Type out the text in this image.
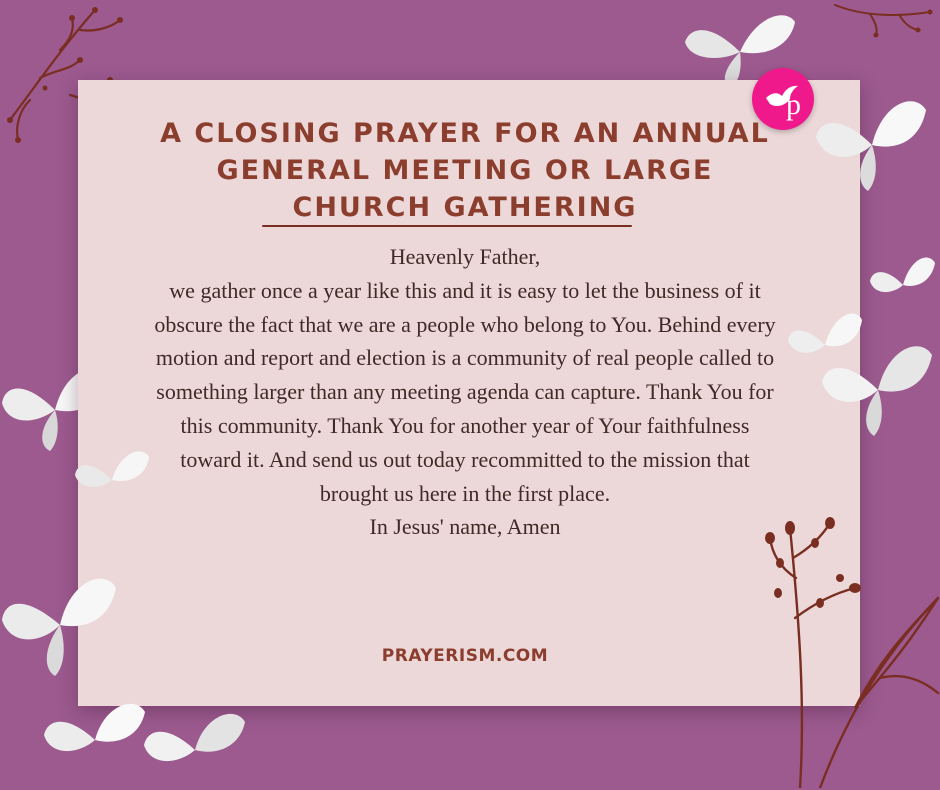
p
A CLOSING PRAYER FOR AN ANNUAL GENERAL MEETING OR LARGE CHURCH GATHERING

Heavenly Father,

we gather once a year like this and it is easy to let the business of it obscure the fact that we are a people who belong to You. Behind every motion and report and election is a community of real people called to something larger than any meeting agenda can capture. Thank You for this community. Thank You for another year of Your faithfulness toward it. And send us out today recommitted to the mission that brought us here in the first place.

In Jesus' name, Amen

PRAYERISM.COM
